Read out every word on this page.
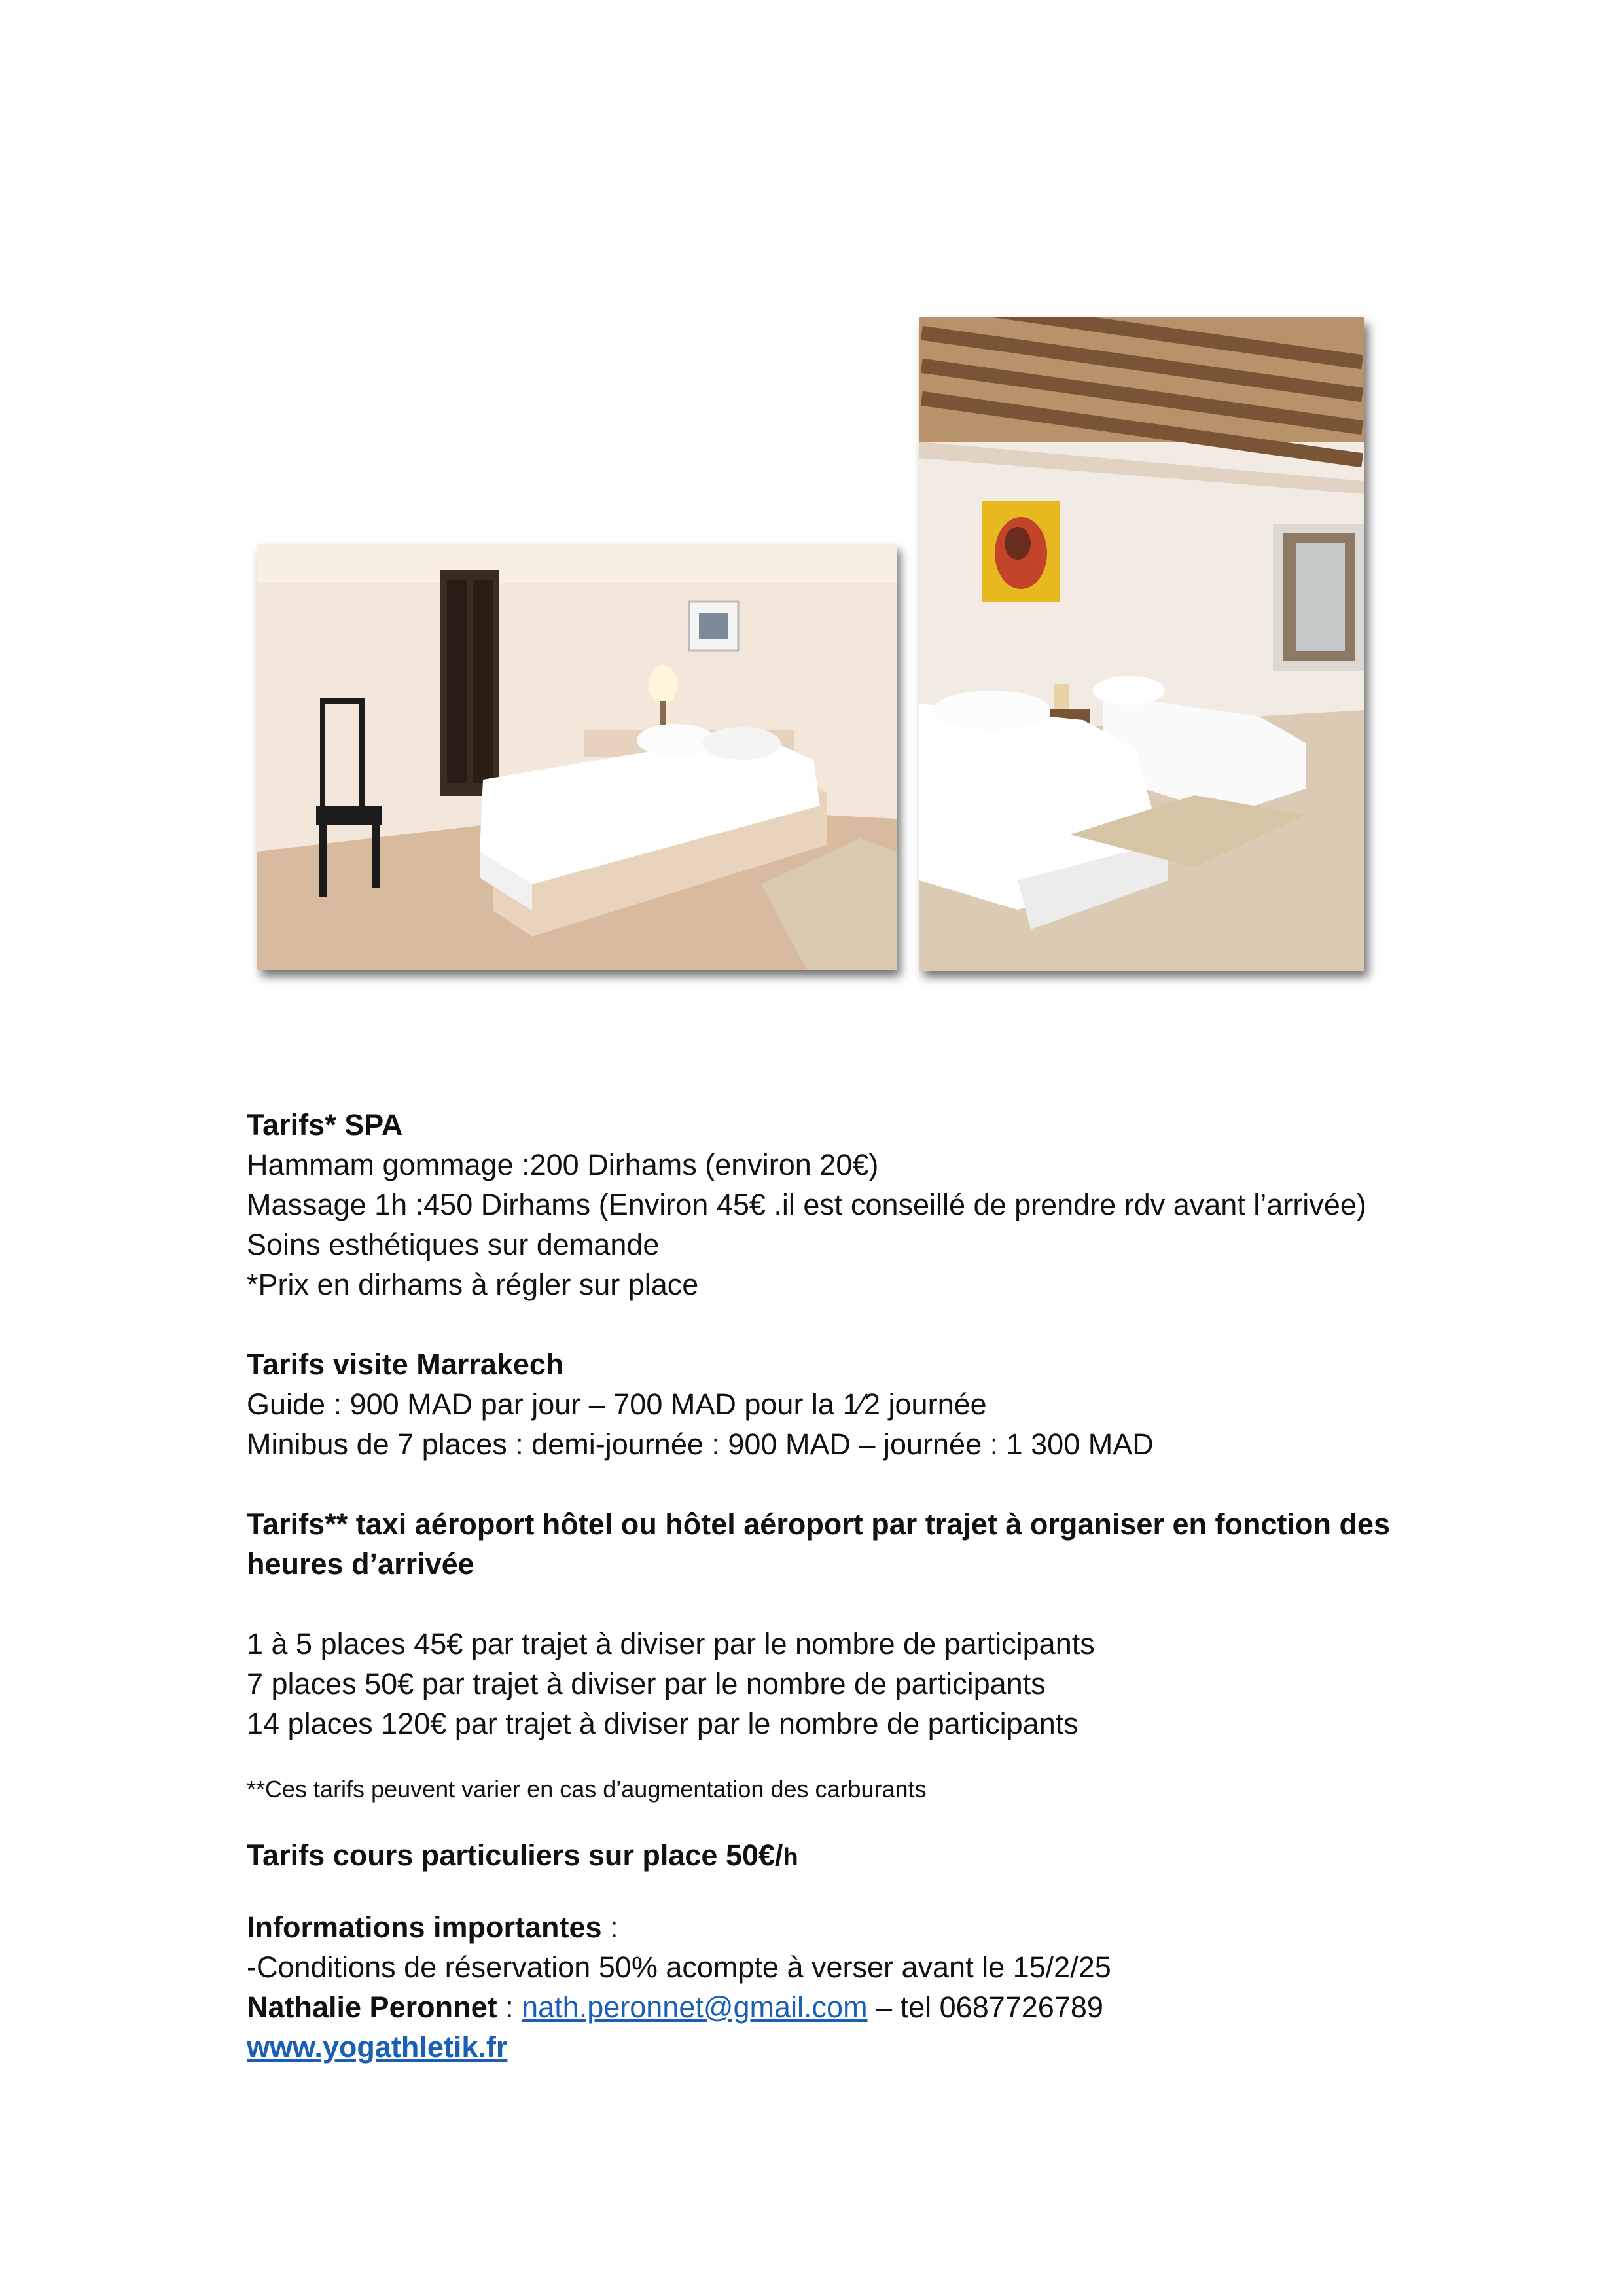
Tarifs* SPA
Hammam gommage :200 Dirhams (environ 20€)
Massage 1h :450 Dirhams (Environ 45€ .il est conseillé de prendre rdv avant l’arrivée)
Soins esthétiques sur demande
*Prix en dirhams à régler sur place
Tarifs visite Marrakech
Guide : 900 MAD par jour – 700 MAD pour la 1⁄2 journée
Minibus de 7 places : demi-journée : 900 MAD – journée : 1 300 MAD
Tarifs** taxi aéroport hôtel ou hôtel aéroport par trajet à organiser en fonction des
heures d’arrivée
1 à 5 places 45€ par trajet à diviser par le nombre de participants
7 places 50€ par trajet à diviser par le nombre de participants
14 places 120€ par trajet à diviser par le nombre de participants
**Ces tarifs peuvent varier en cas d’augmentation des carburants
Tarifs cours particuliers sur place 50€/h
Informations importantes :
-Conditions de réservation 50% acompte à verser avant le 15/2/25
Nathalie Peronnet : nath.peronnet@gmail.com – tel 0687726789
www.yogathletik.fr
